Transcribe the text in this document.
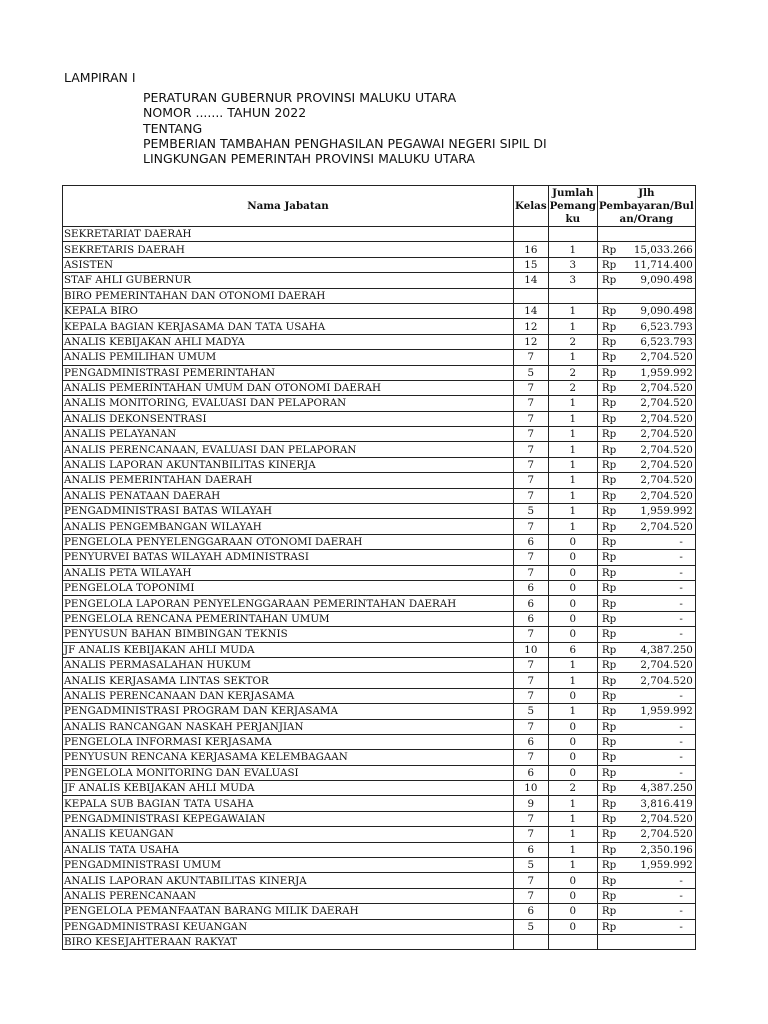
LAMPIRAN I
PERATURAN GUBERNUR PROVINSI MALUKU UTARA
NOMOR ....... TAHUN 2022
TENTANG
PEMBERIAN TAMBAHAN PENGHASILAN PEGAWAI NEGERI SIPIL DI
LINGKUNGAN PEMERINTAH PROVINSI MALUKU UTARA
Nama Jabatan	Kelas	Jumlah Pemang ku	Jlh Pembayaran/Bul an/Orang
SEKRETARIAT DAERAH			
SEKRETARIS DAERAH	16	1	Rp 15,033.266

ASISTEN	15	3	Rp 11,714.400

STAF AHLI GUBERNUR	14	3	Rp 9,090.498

BIRO PEMERINTAHAN DAN OTONOMI DAERAH			
KEPALA BIRO	14	1	Rp 9,090.498

KEPALA BAGIAN KERJASAMA DAN TATA USAHA	12	1	Rp 6,523.793

ANALIS KEBIJAKAN AHLI MADYA	12	2	Rp 6,523.793

ANALIS PEMILIHAN UMUM	7	1	Rp 2,704.520

PENGADMINISTRASI PEMERINTAHAN	5	2	Rp 1,959.992

ANALIS PEMERINTAHAN UMUM DAN OTONOMI DAERAH	7	2	Rp 2,704.520

ANALIS MONITORING, EVALUASI DAN PELAPORAN	7	1	Rp 2,704.520

ANALIS DEKONSENTRASI	7	1	Rp 2,704.520

ANALIS PELAYANAN	7	1	Rp 2,704.520

ANALIS PERENCANAAN, EVALUASI DAN PELAPORAN	7	1	Rp 2,704.520

ANALIS LAPORAN AKUNTANBILITAS KINERJA	7	1	Rp 2,704.520

ANALIS PEMERINTAHAN DAERAH	7	1	Rp 2,704.520

ANALIS PENATAAN DAERAH	7	1	Rp 2,704.520

PENGADMINISTRASI BATAS WILAYAH	5	1	Rp 1,959.992

ANALIS PENGEMBANGAN WILAYAH	7	1	Rp 2,704.520

PENGELOLA PENYELENGGARAAN OTONOMI DAERAH	6	0	Rp -

PENYURVEI BATAS WILAYAH ADMINISTRASI	7	0	Rp -

ANALIS PETA WILAYAH	7	0	Rp -

PENGELOLA TOPONIMI	6	0	Rp -

PENGELOLA LAPORAN PENYELENGGARAAN PEMERINTAHAN DAERAH	6	0	Rp -

PENGELOLA RENCANA PEMERINTAHAN UMUM	6	0	Rp -

PENYUSUN BAHAN BIMBINGAN TEKNIS	7	0	Rp -

JF ANALIS KEBIJAKAN AHLI MUDA	10	6	Rp 4,387.250

ANALIS PERMASALAHAN HUKUM	7	1	Rp 2,704.520

ANALIS KERJASAMA LINTAS SEKTOR	7	1	Rp 2,704.520

ANALIS PERENCANAAN DAN KERJASAMA	7	0	Rp -

PENGADMINISTRASI PROGRAM DAN KERJASAMA	5	1	Rp 1,959.992

ANALIS RANCANGAN NASKAH PERJANJIAN	7	0	Rp -

PENGELOLA INFORMASI KERJASAMA	6	0	Rp -

PENYUSUN RENCANA KERJASAMA KELEMBAGAAN	7	0	Rp -

PENGELOLA MONITORING DAN EVALUASI	6	0	Rp -

JF ANALIS KEBIJAKAN AHLI MUDA	10	2	Rp 4,387.250

KEPALA SUB BAGIAN TATA USAHA	9	1	Rp 3,816.419

PENGADMINISTRASI KEPEGAWAIAN	7	1	Rp 2,704.520

ANALIS KEUANGAN	7	1	Rp 2,704.520

ANALIS TATA USAHA	6	1	Rp 2,350.196

PENGADMINISTRASI UMUM	5	1	Rp 1,959.992

ANALIS LAPORAN AKUNTABILITAS KINERJA	7	0	Rp -

ANALIS PERENCANAAN	7	0	Rp -

PENGELOLA PEMANFAATAN BARANG MILIK DAERAH	6	0	Rp -

PENGADMINISTRASI KEUANGAN	5	0	Rp -

BIRO KESEJAHTERAAN RAKYAT			
